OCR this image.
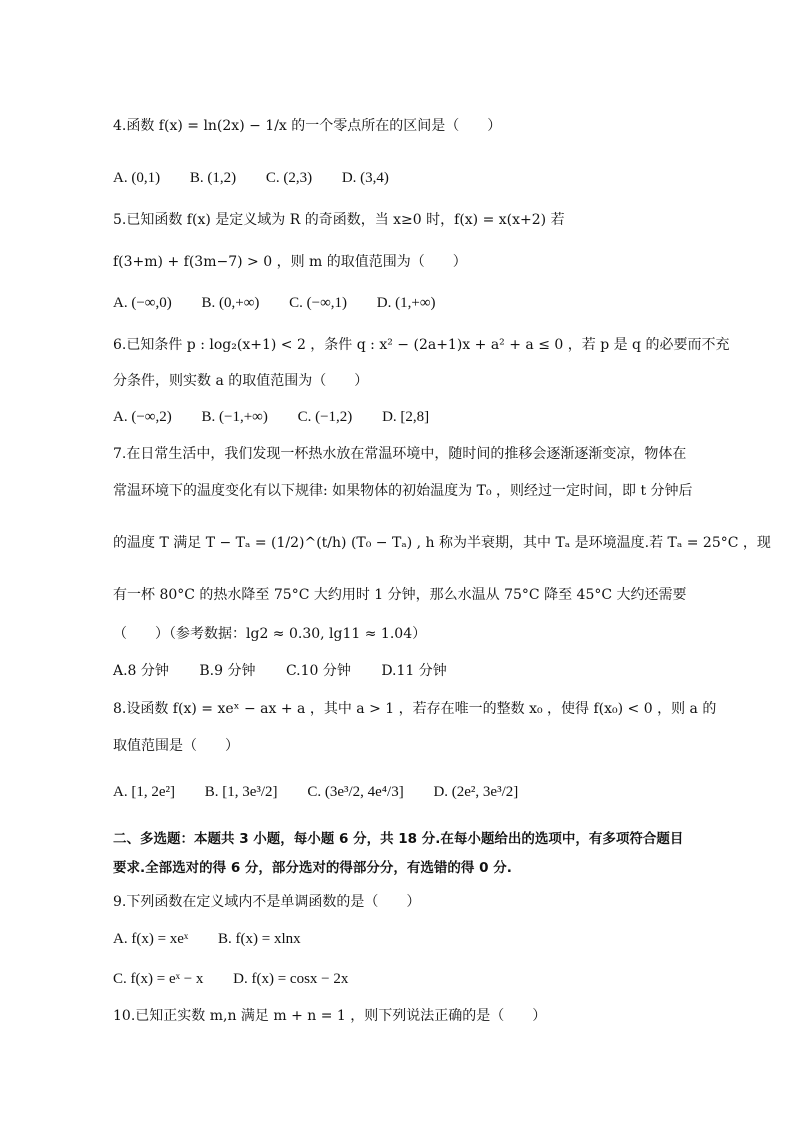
4.函数 f(x) = ln(2x) − 1/x 的一个零点所在的区间是（　　）
A. (0,1) B. (1,2) C. (2,3) D. (3,4)
5.已知函数 f(x) 是定义域为 R 的奇函数，当 x≥0 时，f(x) = x(x+2) 若
f(3+m) + f(3m−7) > 0 ，则 m 的取值范围为（　　）
A. (−∞,0) B. (0,+∞) C. (−∞,1) D. (1,+∞)
6.已知条件 p : log₂(x+1) < 2 ，条件 q : x² − (2a+1)x + a² + a ≤ 0 ，若 p 是 q 的必要而不充
分条件，则实数 a 的取值范围为（　　）
A. (−∞,2) B. (−1,+∞) C. (−1,2) D. [2,8]
7.在日常生活中，我们发现一杯热水放在常温环境中，随时间的推移会逐渐逐渐变凉，物体在
常温环境下的温度变化有以下规律: 如果物体的初始温度为 T₀ ，则经过一定时间，即 t 分钟后
的温度 T 满足 T − Tₐ = (1/2)^(t/h) (T₀ − Tₐ) , h 称为半衰期，其中 Tₐ 是环境温度.若 Tₐ = 25°C ，现
有一杯 80°C 的热水降至 75°C 大约用时 1 分钟，那么水温从 75°C 降至 45°C 大约还需要
（　　）（参考数据：lg2 ≈ 0.30, lg11 ≈ 1.04）
A.8 分钟 B.9 分钟 C.10 分钟 D.11 分钟
8.设函数 f(x) = xeˣ − ax + a ，其中 a > 1 ，若存在唯一的整数 x₀ ，使得 f(x₀) < 0 ，则 a 的
取值范围是（　　）
A. [1, 2e²] B. [1, 3e³/2] C. (3e³/2, 4e⁴/3] D. (2e², 3e³/2]
二、多选题：本题共 3 小题，每小题 6 分，共 18 分.在每小题给出的选项中，有多项符合题目
要求.全部选对的得 6 分，部分选对的得部分分，有选错的得 0 分.
9.下列函数在定义域内不是单调函数的是（　　）
A. f(x) = xeˣ B. f(x) = xlnx
C. f(x) = eˣ − x D. f(x) = cosx − 2x
10.已知正实数 m,n 满足 m + n = 1 ，则下列说法正确的是（　　）
